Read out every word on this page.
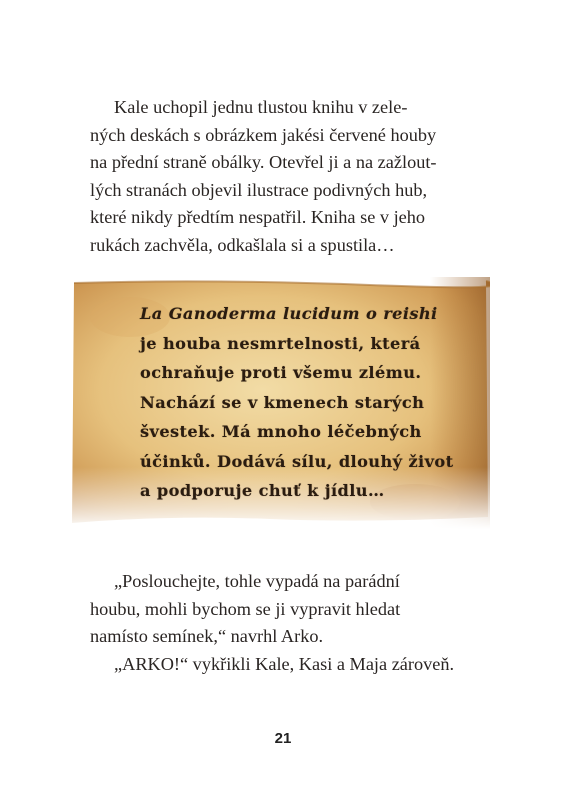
Kale uchopil jednu tlustou knihu v zele-
ných deskách s obrázkem jakési červené houby
na přední straně obálky. Otevřel ji a na zažlout-
lých stranách objevil ilustrace podivných hub,
které nikdy předtím nespatřil. Kniha se v jeho
rukách zachvěla, odkašlala si a spustila…
La Ganoderma lucidum o reishi
je houba nesmrtelnosti, která
ochraňuje proti všemu zlému.
Nachází se v kmenech starých
švestek. Má mnoho léčebných
účinků. Dodává sílu, dlouhý život
a podporuje chuť k jídlu…
„Poslouchejte, tohle vypadá na parádní
houbu, mohli bychom se ji vypravit hledat
namísto semínek,“ navrhl Arko.
„ARKO!“ vykřikli Kale, Kasi a Maja zároveň.
21
